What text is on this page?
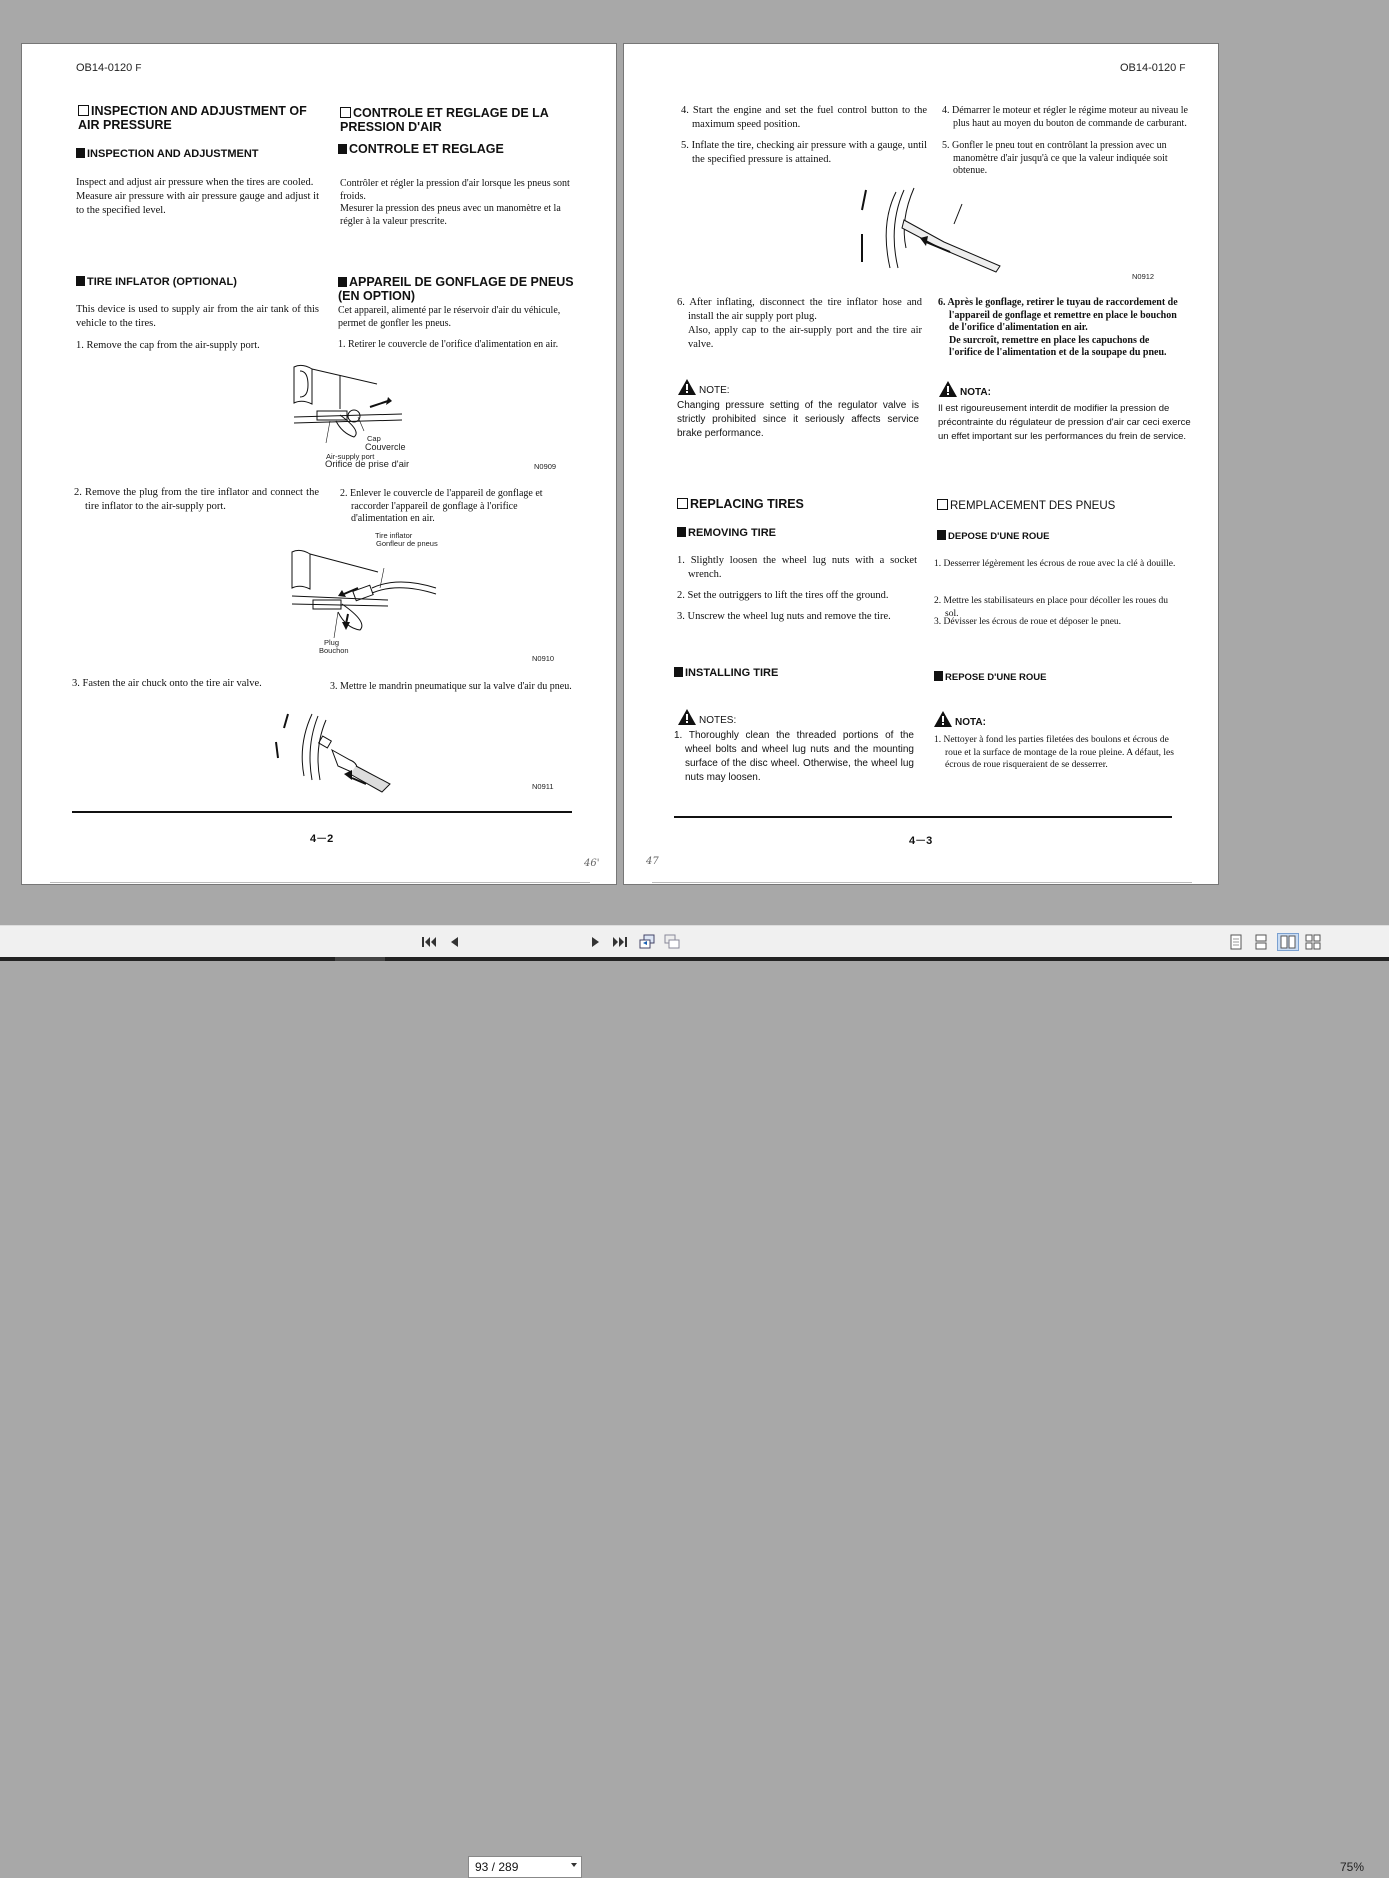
OB14-0120 F
INSPECTION AND ADJUSTMENT OF AIR PRESSURE
INSPECTION AND ADJUSTMENT
Inspect and adjust air pressure when the tires are cooled.
Measure air pressure with air pressure gauge and adjust it to the specified level.
TIRE INFLATOR (OPTIONAL)
This device is used to supply air from the air tank of this vehicle to the tires.
1. Remove the cap from the air-supply port.
2. Remove the plug from the tire inflator and connect the tire inflator to the air-supply port.
3. Fasten the air chuck onto the tire air valve.
CONTROLE ET REGLAGE DE LA PRESSION D'AIR
CONTROLE ET REGLAGE
Contrôler et régler la pression d'air lorsque les pneus sont froids.
Mesurer la pression des pneus avec un manomètre et la régler à la valeur prescrite.
APPAREIL DE GONFLAGE DE PNEUS (EN OPTION)
Cet appareil, alimenté par le réservoir d'air du véhicule, permet de gonfler les pneus.
1. Retirer le couvercle de l'orifice d'alimentation en air.
2. Enlever le couvercle de l'appareil de gonflage et raccorder l'appareil de gonflage à l'orifice d'alimentation en air.
3. Mettre le mandrin pneumatique sur la valve d'air du pneu.
Cap
Couvercle
Air-supply port
Orifice de prise d'air	N0909
Tire inflator
Gonfleur de pneus
Plug
Bouchon
N0910
N0911
4－2
46'
OB14-0120 F
4. Start the engine and set the fuel control button to the maximum speed position.
5. Inflate the tire, checking air pressure with a gauge, until the specified pressure is attained.
4. Démarrer le moteur et régler le régime moteur au niveau le plus haut au moyen du bouton de commande de carburant.
5. Gonfler le pneu tout en contrôlant la pression avec un manomètre d'air jusqu'à ce que la valeur indiquée soit obtenue.
N0912
6. After inflating, disconnect the tire inflator hose and install the air supply port plug.
Also, apply cap to the air-supply port and the tire air valve.
6. Après le gonflage, retirer le tuyau de raccordement de l'appareil de gonflage et remettre en place le bouchon de l'orifice d'alimentation en air.
De surcroît, remettre en place les capuchons de l'orifice de l'alimentation et de la soupape du pneu.
NOTE:
Changing pressure setting of the regulator valve is strictly prohibited since it seriously affects service brake performance.
NOTA:
Il est rigoureusement interdit de modifier la pression de précontrainte du régulateur de pression d'air car ceci exerce un effet important sur les performances du frein de service.
REPLACING TIRES
REMOVING TIRE
1. Slightly loosen the wheel lug nuts with a socket wrench.
2. Set the outriggers to lift the tires off the ground.
3. Unscrew the wheel lug nuts and remove the tire.
INSTALLING TIRE
NOTES:
1. Thoroughly clean the threaded portions of the wheel bolts and wheel lug nuts and the mounting surface of the disc wheel. Otherwise, the wheel lug nuts may loosen.
REMPLACEMENT DES PNEUS
DEPOSE D'UNE ROUE
1. Desserrer légèrement les écrous de roue avec la clé à douille.
2. Mettre les stabilisateurs en place pour décoller les roues du sol.
3. Dévisser les écrous de roue et déposer le pneu.
REPOSE D'UNE ROUE
NOTA:
1. Nettoyer à fond les parties filetées des boulons et écrous de roue et la surface de montage de la roue pleine. A défaut, les écrous de roue risqueraient de se desserrer.
4－3
47
93 / 289	75%
